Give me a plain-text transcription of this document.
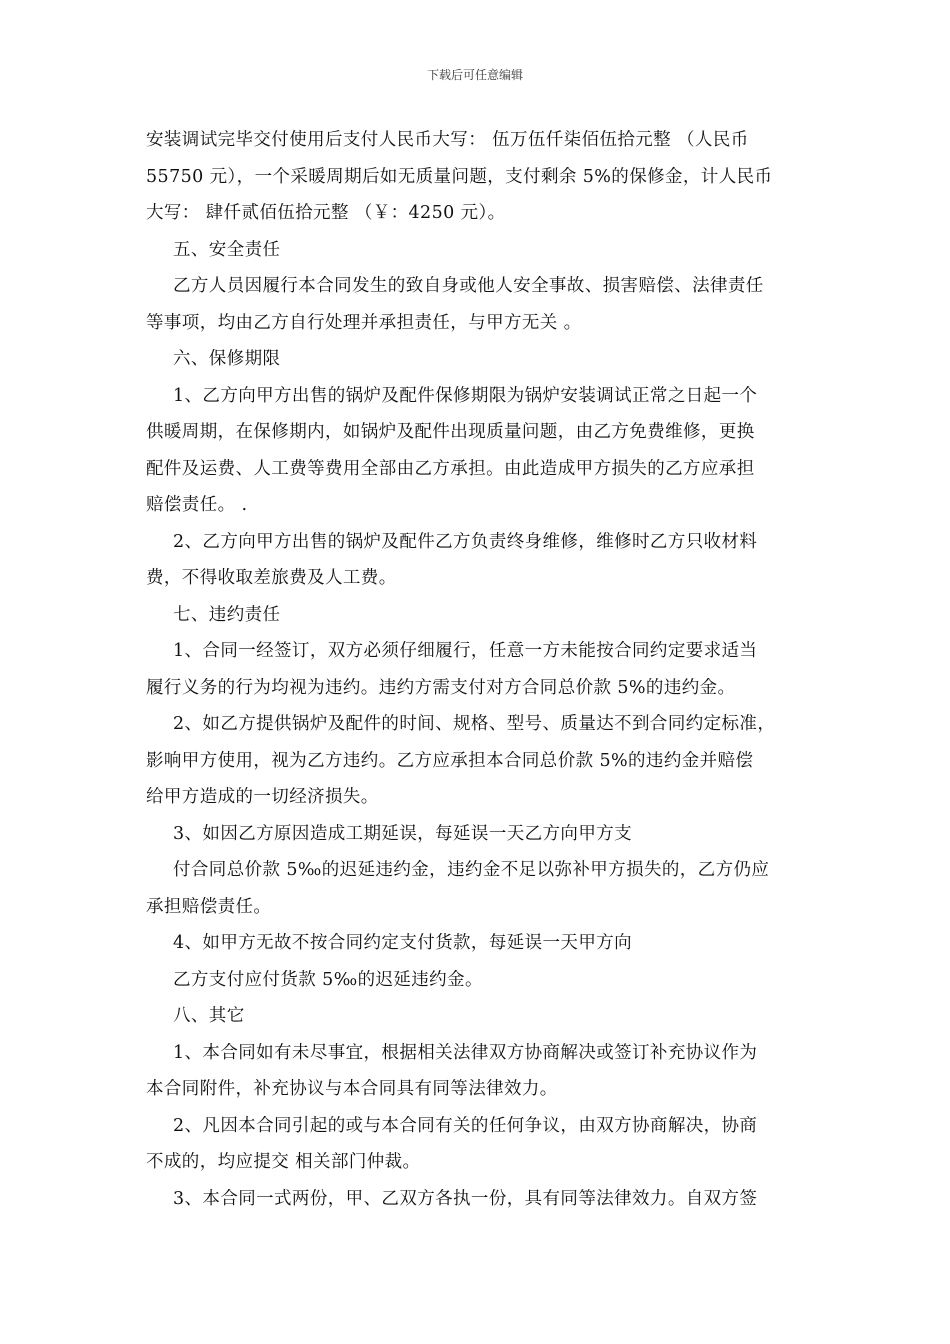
下载后可任意编辑
安装调试完毕交付使用后支付人民币大写： 伍万伍仟柒佰伍拾元整 （人民币
55750 元），一个采暖周期后如无质量问题，支付剩余 5%的保修金，计人民币
大写： 肆仟贰佰伍拾元整 （￥：4250 元）。
五、安全责任
乙方人员因履行本合同发生的致自身或他人安全事故、损害赔偿、法律责任
等事项，均由乙方自行处理并承担责任，与甲方无关 。
六、保修期限
1、乙方向甲方出售的锅炉及配件保修期限为锅炉安装调试正常之日起一个
供暖周期，在保修期内，如锅炉及配件出现质量问题，由乙方免费维修，更换
配件及运费、人工费等费用全部由乙方承担。由此造成甲方损失的乙方应承担
赔偿责任。 .
2、乙方向甲方出售的锅炉及配件乙方负责终身维修，维修时乙方只收材料
费，不得收取差旅费及人工费。
七、违约责任
1、合同一经签订，双方必须仔细履行，任意一方未能按合同约定要求适当
履行义务的行为均视为违约。违约方需支付对方合同总价款 5%的违约金。
2、如乙方提供锅炉及配件的时间、规格、型号、质量达不到合同约定标准，
影响甲方使用，视为乙方违约。乙方应承担本合同总价款 5%的违约金并赔偿
给甲方造成的一切经济损失。
3、如因乙方原因造成工期延误，每延误一天乙方向甲方支
付合同总价款 5‰的迟延违约金，违约金不足以弥补甲方损失的，乙方仍应
承担赔偿责任。
4、如甲方无故不按合同约定支付货款，每延误一天甲方向
乙方支付应付货款 5‰的迟延违约金。
八、其它
1、本合同如有未尽事宜，根据相关法律双方协商解决或签订补充协议作为
本合同附件，补充协议与本合同具有同等法律效力。
2、凡因本合同引起的或与本合同有关的任何争议，由双方协商解决，协商
不成的，均应提交 相关部门仲裁。
3、本合同一式两份，甲、乙双方各执一份，具有同等法律效力。自双方签
